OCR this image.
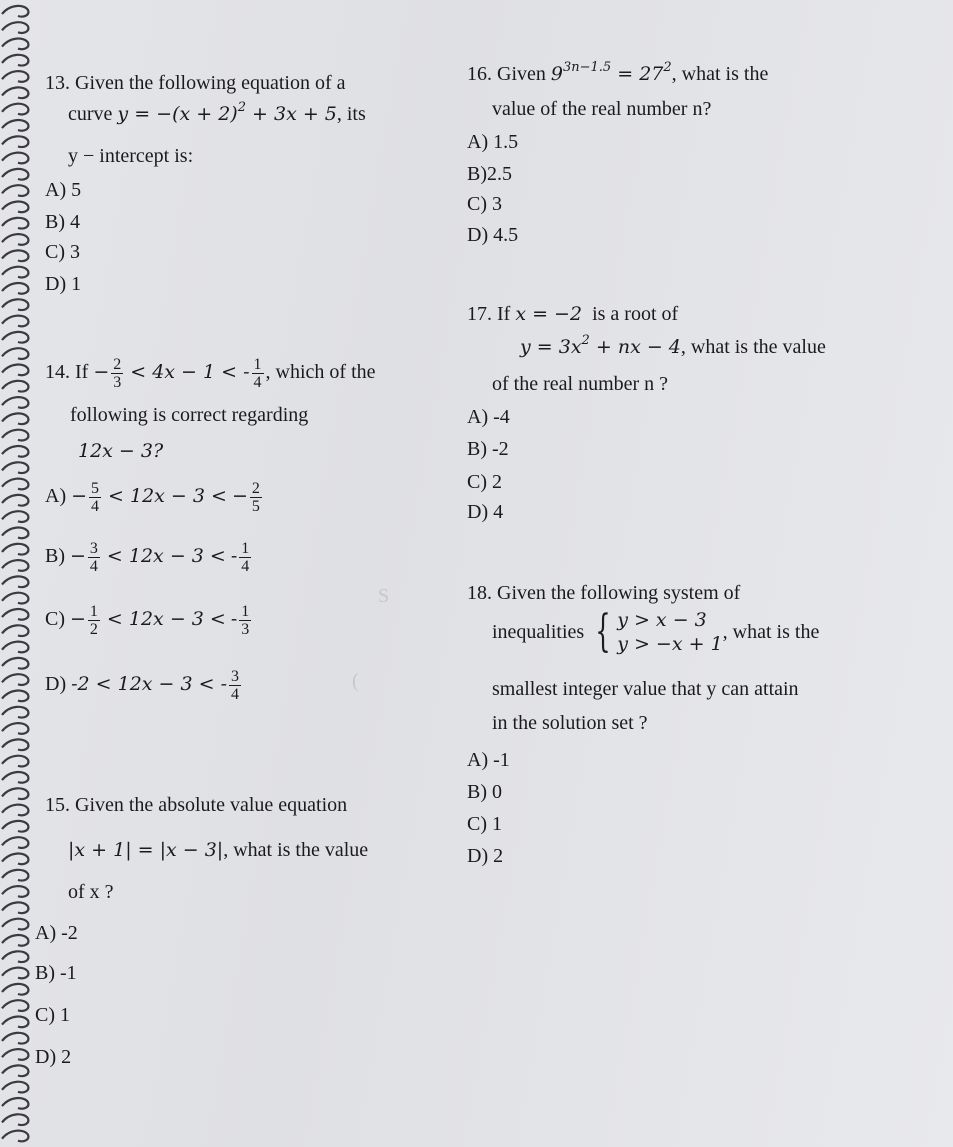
S
(
13. Given the following equation of a
curve $y = -(x + 2)^2 + 3x + 5$, its
y − intercept is:
A) 5
B) 4
C) 3
D) 1
14. $If - \frac{2}{3} < 4x - 1$ < - $\frac{1}{4}$ , which of the
following is correct regarding
12x − 3?
$A) - \frac{5}{4} < 12x - 3$ < − $\frac{2}{5}$
$B) - \frac{3}{4} < 12x - 3$ < - $\frac{1}{4}$
$C) - \frac{1}{2} < 12x - 3$ < - $\frac{1}{3}$
D) -2 < 12x − 3 < - $\frac{3}{4}$
15. Given the absolute value equation
|x + 1| = |x − 3|, what is the value
of x ?
A) -2
B) -1
C) 1
D) 2
16. Given $9^{3n-1.5} = 27^2$, what is the
value of the real number n?
A) 1.5
B)2.5
C) 3
D) 4.5
17. If x = −2 is a root of
$y = 3x^2$ + nx − 4, what is the value
of the real number n ?
A) -4
B) -2
C) 2
D) 4
18. Given the following system of
inequalities { y > x − 3
y > −x + 1
, what is the
smallest integer value that y can attain
in the solution set ?
A) -1
B) 0
C) 1
D) 2
